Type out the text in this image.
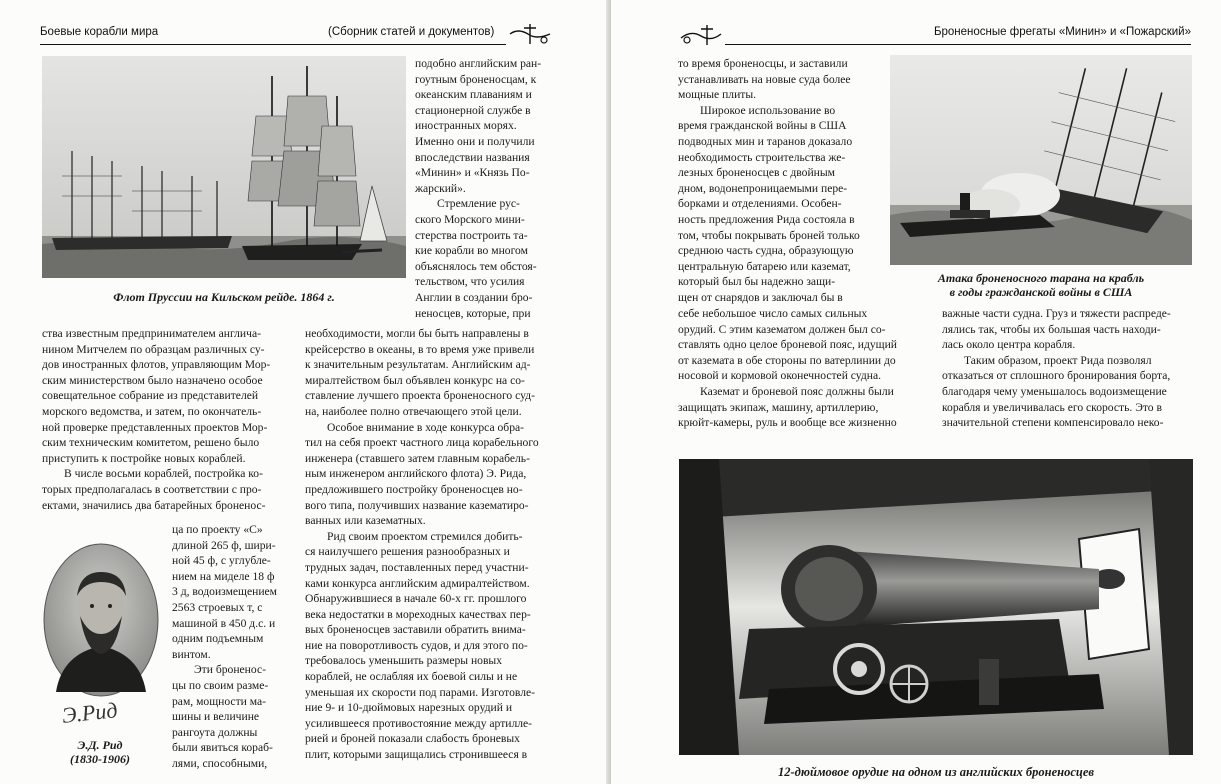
Боевые корабли мира	(Сборник статей и документов)
Флот Пруссии на Кильском рейде. 1864 г.

подобно английским ран-

гоутным броненосцам, к

океанским плаваниям и

стационерной службе в

иностранных морях.

Именно они и получили

впоследствии названия

«Минин» и «Князь По-

жарский».

Стремление рус-

ского Морского мини-

стерства построить та-

кие корабли во многом

объяснялось тем обстоя-

тельством, что усилия

Англии в создании бро-

неносцев, которые, при

ства известным предпринимателем англича-

нином Митчелем по образцам различных су-

дов иностранных флотов, управляющим Мор-

ским министерством было назначено особое

совещательное собрание из представителей

морского ведомства, и затем, по окончатель-

ной проверке представленных проектов Мор-

ским техническим комитетом, решено было

приступить к постройке новых кораблей.

В числе восьми кораблей, постройка ко-

торых предполагалась в соответствии с про-

ектами, значились два батарейных броненос-

Э.Рид
Э.Д. Рид
(1830-1906)

ца по проекту «С»

длиной 265 ф, шири-

ной 45 ф, с углубле-

нием на миделе 18 ф

3 д, водоизмещением

2563 строевых т, с

машиной в 450 д.с. и

одним подъемным

винтом.

Эти броненос-

цы по своим разме-

рам, мощности ма-

шины и величине

рангоута должны

были явиться кораб-

лями, способными,

необходимости, могли бы быть направлены в

крейсерство в океаны, в то время уже привели

к значительным результатам. Английским ад-

миралтейством был объявлен конкурс на со-

ставление лучшего проекта броненосного суд-

на, наиболее полно отвечающего этой цели.

Особое внимание в ходе конкурса обра-

тил на себя проект частного лица корабельного

инженера (ставшего затем главным корабель-

ным инженером английского флота) Э. Рида,

предложившего постройку броненосцев но-

вого типа, получивших название казематиро-

ванных или казематных.

Рид своим проектом стремился добить-

ся наилучшего решения разнообразных и

трудных задач, поставленных перед участни-

ками конкурса английским адмиралтейством.

Обнаружившиеся в начале 60-х гг. прошлого

века недостатки в мореходных качествах пер-

вых броненосцев заставили обратить внима-

ние на поворотливость судов, и для этого по-

требовалось уменьшить размеры новых

кораблей, не ослабляя их боевой силы и не

уменьшая их скорости под парами. Изготовле-

ние 9- и 10-дюймовых нарезных орудий и

усилившееся противостояние между артилле-

рией и броней показали слабость броневых

плит, которыми защищались стронившееся в

Броненосные фрегаты «Минин» и «Пожарский»
Атака броненосного тарана на крабль
в годы гражданской войны в США

то время броненосцы, и заставили

устанавливать на новые суда более

мощные плиты.

Широкое использование во

время гражданской войны в США

подводных мин и таранов доказало

необходимость строительства же-

лезных броненосцев с двойным

дном, водонепроницаемыми пере-

борками и отделениями. Особен-

ность предложения Рида состояла в

том, чтобы покрывать броней только

среднюю часть судна, образующую

центральную батарею или каземат,

который был бы надежно защи-

щен от снарядов и заключал бы в

себе небольшое число самых сильных

орудий. С этим казематом должен был со-

ставлять одно целое броневой пояс, идущий

от каземата в обе стороны по ватерлинии до

носовой и кормовой оконечностей судна.

Каземат и броневой пояс должны были

защищать экипаж, машину, артиллерию,

крюйт-камеры, руль и вообще все жизненно

важные части судна. Груз и тяжести распреде-

лялись так, чтобы их большая часть находи-

лась около центра корабля.

Таким образом, проект Рида позволял

отказаться от сплошного бронирования борта,

благодаря чему уменьшалось водоизмещение

корабля и увеличивалась его скорость. Это в

значительной степени компенсировало неко-

12-дюймовое орудие на одном из английских броненосцев
